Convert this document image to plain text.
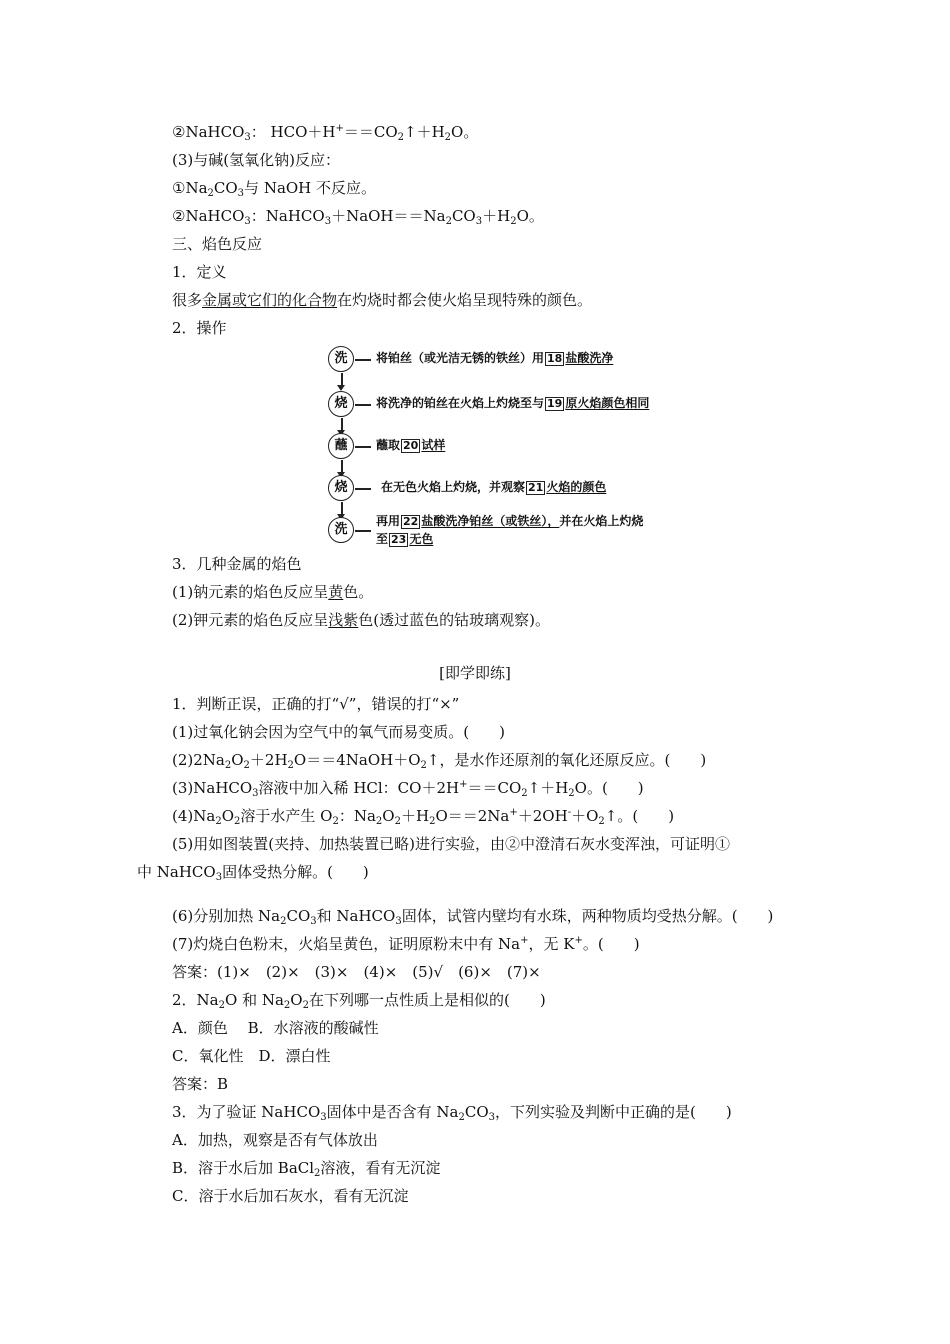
②NaHCO$_3$： $HCO+H^+==CO_2↑+H_2O$。
(3)与碱(氢氧化钠)反应：
$①Na_2CO_3$与 NaOH 不反应。
②NaHCO$_3$：$NaHCO_3+NaOH==Na_2CO_3+H_2O$。
三、焰色反应
1．定义
很多金属或它们的化合物在灼烧时都会使火焰呈现特殊的颜色。
2．操作
洗
烧
蘸
烧
洗
将铂丝（或光洁无锈的铁丝）用 18 盐酸洗净
将洗净的铂丝在火焰上灼烧至与 19 原火焰颜色相同
蘸取 20 试样
在无色火焰上灼烧，并观察 21 火焰的颜色
再用 22 盐酸洗净铂丝（或铁丝），并在火焰上灼烧
至 23 无色
3．几种金属的焰色
(1)钠元素的焰色反应呈黄色。
(2)钾元素的焰色反应呈浅紫色(透过蓝色的钴玻璃观察)。
[即学即练]
1．判断正误，正确的打“√”，错误的打“×”
(1)过氧化钠会因为空气中的氧气而易变质。(　　)
$(2)2Na_2O_2+2H_2O==4NaOH+O_2↑$，是水作还原剂的氧化还原反应。(　　)
(3)NaHCO$_3$溶液中加入稀 HCl：$CO+2H^+==CO_2↑+H_2O$。(　　)
$(4)Na_2O_2$溶于水产生 $O_2$：$Na_2O_2+H_2O==2Na^++2OH^-+O_2↑$。(　　)
(5)用如图装置(夹持、加热装置已略)进行实验，由②中澄清石灰水变浑浊，可证明①
中 NaHCO$_3$固体受热分解。(　　)
(6)分别加热 $Na_2CO_3$和 NaHCO$_3$固体，试管内壁均有水珠，两种物质均受热分解。(　　)
(7)灼烧白色粉末，火焰呈黄色，证明原粉末中有 Na+，无 K+。(　　)
答案：(1)×　(2)×　(3)×　(4)×　(5)√　(6)×　(7)×
2．$Na_2O$ 和 $Na_2O_2$在下列哪一点性质上是相似的(　　)
A．颜色　 B．水溶液的酸碱性
C．氧化性　D．漂白性
答案：B
3．为了验证 NaHCO$_3$固体中是否含有 $Na_2CO_3$，下列实验及判断中正确的是(　　)
A．加热，观察是否有气体放出
B．溶于水后加 BaCl$_2$溶液，看有无沉淀
C．溶于水后加石灰水，看有无沉淀
